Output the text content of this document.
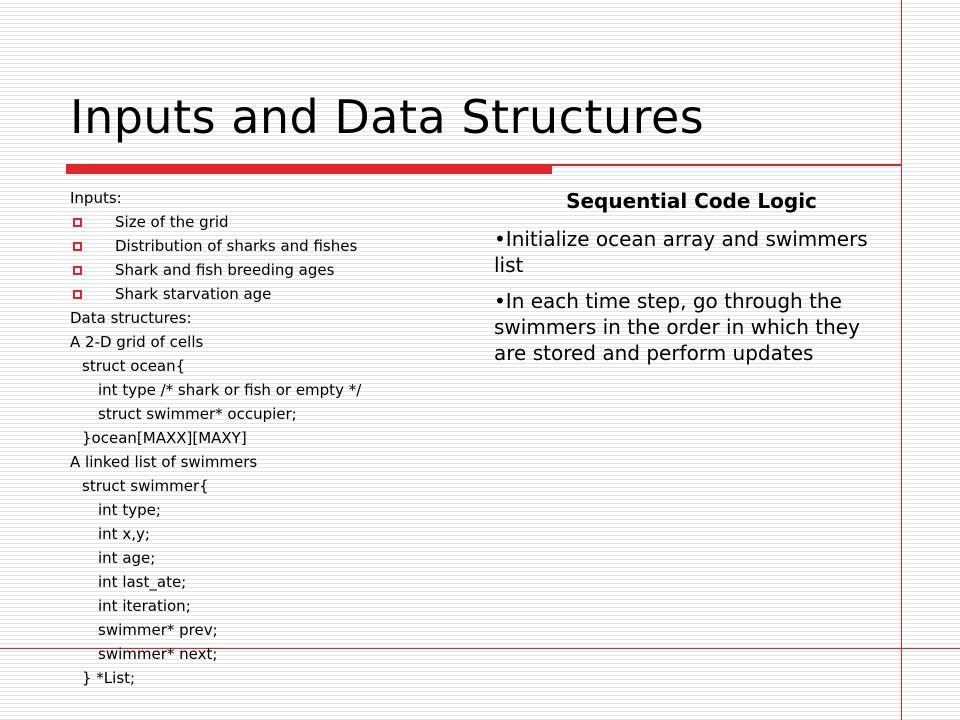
Inputs and Data Structures
Inputs:
Size of the grid
Distribution of sharks and fishes
Shark and fish breeding ages
Shark starvation age
Data structures:
A 2-D grid of cells
struct ocean{
int type /* shark or fish or empty */
struct swimmer* occupier;
}ocean[MAXX][MAXY]
A linked list of swimmers
struct swimmer{
int type;
int x,y;
int age;
int last_ate;
int iteration;
swimmer* prev;
swimmer* next;
} *List;
Sequential Code Logic
•Initialize ocean array and swimmers list
•In each time step, go through the swimmers in the order in which they are stored and perform updates
